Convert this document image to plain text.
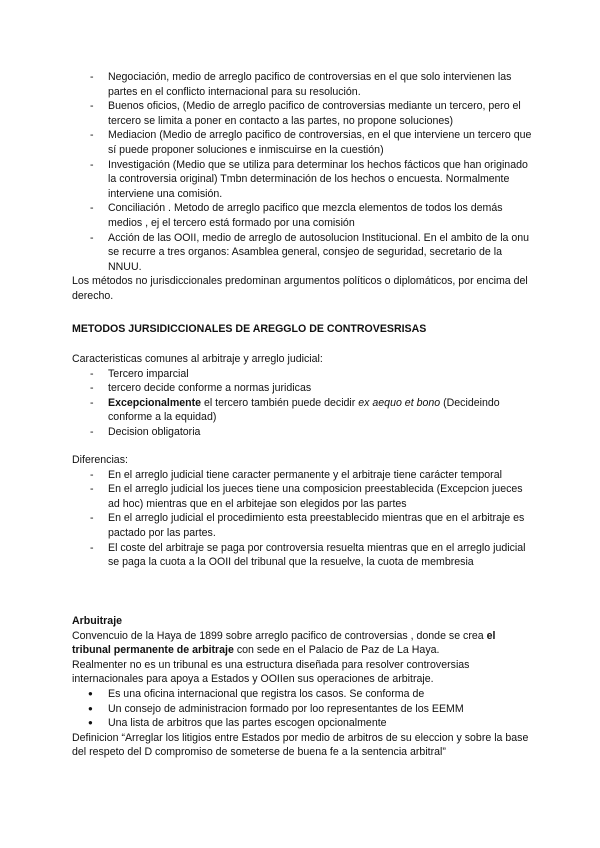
- Negociación, medio de arreglo pacifico de controversias en el que solo intervienen las partes en el conflicto internacional para su resolución.
- Buenos oficios, (Medio de arreglo pacifico de controversias mediante un tercero, pero el tercero se limita a poner en contacto a las partes, no propone soluciones)
- Mediacion (Medio de arreglo pacifico de controversias, en el que interviene un tercero que sí puede proponer soluciones e inmiscuirse en la cuestión)
- Investigación (Medio que se utiliza para determinar los hechos fácticos que han originado la controversia original) Tmbn determinación de los hechos o encuesta. Normalmente interviene una comisión.
- Conciliación . Metodo de arreglo pacifico que mezcla elementos de todos los demás medios , ej el tercero está formado por una comisión
- Acción de las OOII, medio de arreglo de autosolucion Institucional. En el ambito de la onu se recurre a tres organos: Asamblea general, consjeo de seguridad, secretario de la NNUU.

Los métodos no jurisdiccionales predominan argumentos políticos o diplomáticos, por encima del derecho.

METODOS JURSIDICCIONALES DE AREGGLO DE CONTROVESRISAS

Caracteristicas comunes al arbitraje y arreglo judicial:

- Tercero imparcial
- tercero decide conforme a normas juridicas
- Excepcionalmente el tercero también puede decidir ex aequo et bono (Decideindo conforme a la equidad)
- Decision obligatoria

Diferencias:

- En el arreglo judicial tiene caracter permanente y el arbitraje tiene carácter temporal
- En el arreglo judicial los jueces tiene una composicion preestablecida (Excepcion jueces ad hoc) mientras que en el arbitejae son elegidos por las partes
- En el arreglo judicial el procedimiento esta preestablecido mientras que en el arbitraje es pactado por las partes.
- El coste del arbitraje se paga por controversia resuelta mientras que en el arreglo judicial se paga la cuota a la OOII del tribunal que la resuelve, la cuota de membresia

Arbuitraje

Convencuio de la Haya de 1899 sobre arreglo pacifico de controversias , donde se crea el tribunal permanente de arbitraje con sede en el Palacio de Paz de La Haya.

Realmenter no es un tribunal es una estructura diseñada para resolver controversias internacionales para apoya a Estados y OOIIen sus operaciones de arbitraje.

● Es una oficina internacional que registra los casos. Se conforma de
● Un consejo de administracion formado por loo representantes de los EEMM
● Una lista de arbitros que las partes escogen opcionalmente

Definicion “Arreglar los litigios entre Estados por medio de arbitros de su eleccion y sobre la base del respeto del D compromiso de someterse de buena fe a la sentencia arbitral”
